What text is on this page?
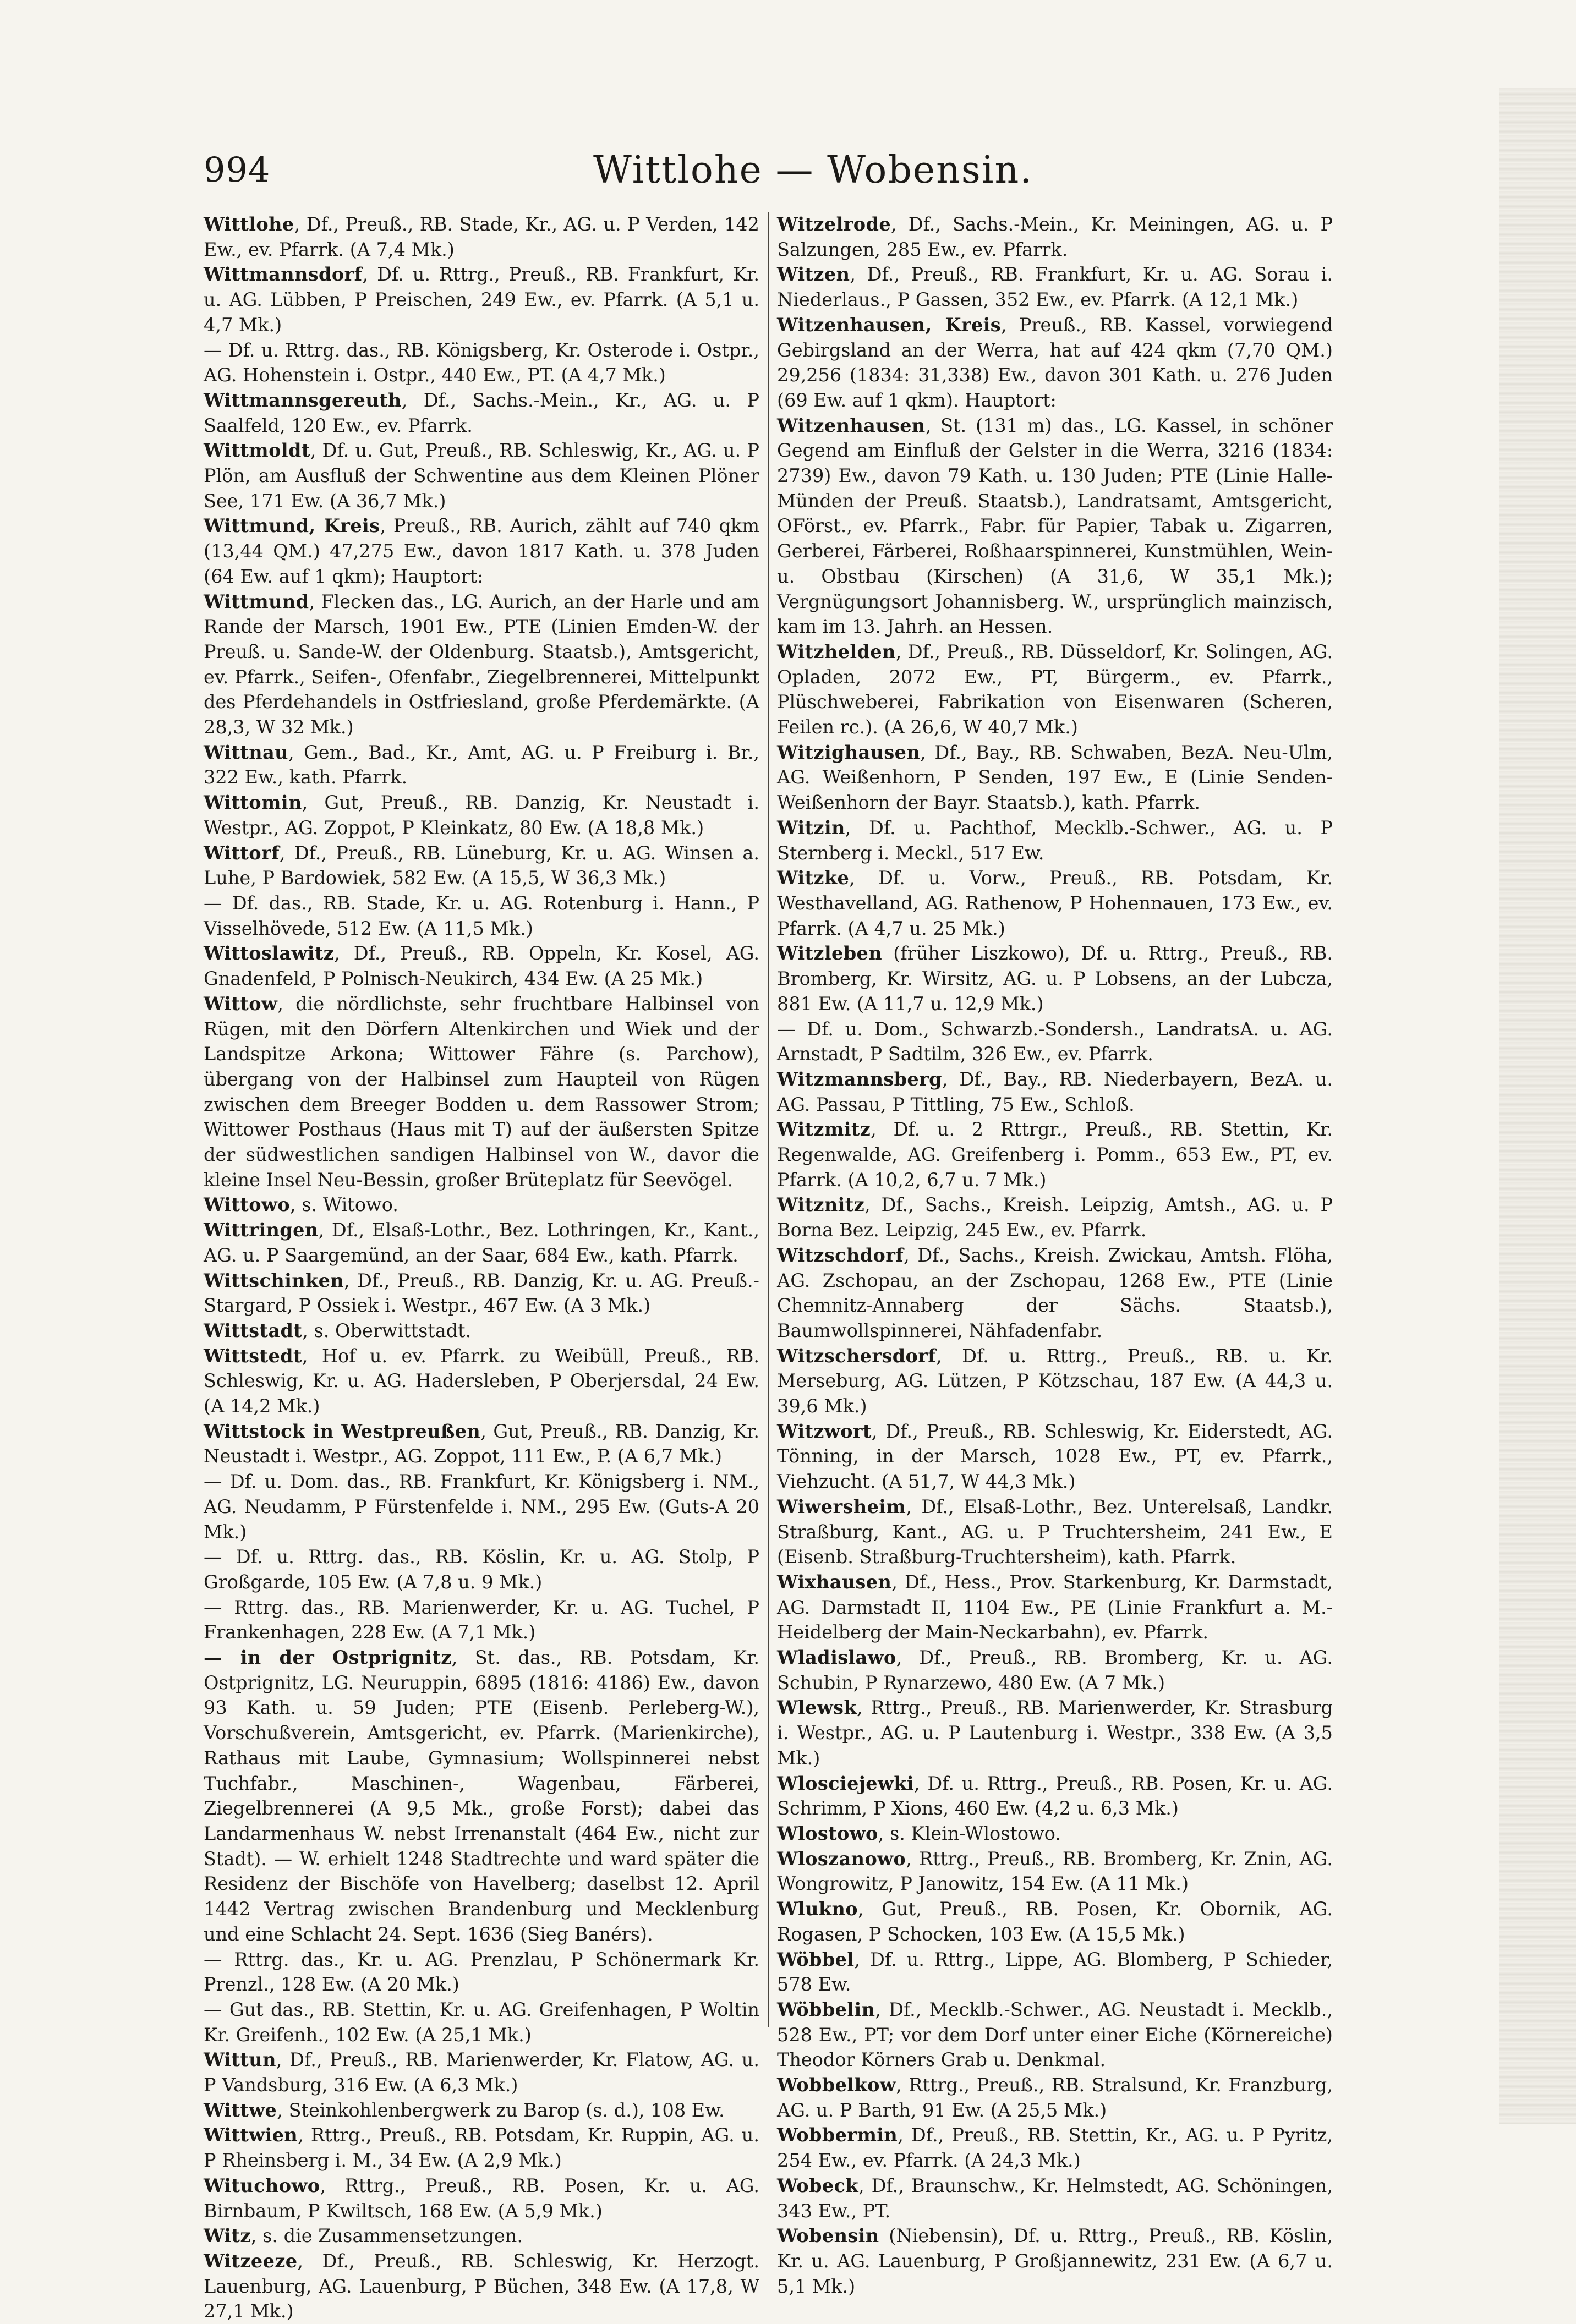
994	Wittlohe — Wobensin.

Wittlohe, Df., Preuß., RB. Stade, Kr., AG. u. P Verden, 142 Ew., ev. Pfarrk. (A 7,4 Mk.)

Wittmannsdorf, Df. u. Rttrg., Preuß., RB. Frankfurt, Kr. u. AG. Lübben, P Preischen, 249 Ew., ev. Pfarrk. (A 5,1 u. 4,7 Mk.)

— Df. u. Rttrg. das., RB. Königsberg, Kr. Osterode i. Ostpr., AG. Hohenstein i. Ostpr., 440 Ew., PT. (A 4,7 Mk.)

Wittmannsgereuth, Df., Sachs.-Mein., Kr., AG. u. P Saalfeld, 120 Ew., ev. Pfarrk.

Wittmoldt, Df. u. Gut, Preuß., RB. Schleswig, Kr., AG. u. P Plön, am Ausfluß der Schwentine aus dem Kleinen Plöner See, 171 Ew. (A 36,7 Mk.)

Wittmund, Kreis, Preuß., RB. Aurich, zählt auf 740 qkm (13,44 QM.) 47,275 Ew., davon 1817 Kath. u. 378 Juden (64 Ew. auf 1 qkm); Hauptort:

Wittmund, Flecken das., LG. Aurich, an der Harle und am Rande der Marsch, 1901 Ew., PTE (Linien Emden-W. der Preuß. u. Sande-W. der Oldenburg. Staatsb.), Amtsgericht, ev. Pfarrk., Seifen-, Ofenfabr., Ziegelbrennerei, Mittelpunkt des Pferdehandels in Ostfriesland, große Pferdemärkte. (A 28,3, W 32 Mk.)

Wittnau, Gem., Bad., Kr., Amt, AG. u. P Freiburg i. Br., 322 Ew., kath. Pfarrk.

Wittomin, Gut, Preuß., RB. Danzig, Kr. Neustadt i. Westpr., AG. Zoppot, P Kleinkatz, 80 Ew. (A 18,8 Mk.)

Wittorf, Df., Preuß., RB. Lüneburg, Kr. u. AG. Winsen a. Luhe, P Bardowiek, 582 Ew. (A 15,5, W 36,3 Mk.)

— Df. das., RB. Stade, Kr. u. AG. Rotenburg i. Hann., P Visselhövede, 512 Ew. (A 11,5 Mk.)

Wittoslawitz, Df., Preuß., RB. Oppeln, Kr. Kosel, AG. Gnadenfeld, P Polnisch-Neukirch, 434 Ew. (A 25 Mk.)

Wittow, die nördlichste, sehr fruchtbare Halbinsel von Rügen, mit den Dörfern Altenkirchen und Wiek und der Landspitze Arkona; Wittower Fähre (s. Parchow), übergang von der Halbinsel zum Haupteil von Rügen zwischen dem Breeger Bodden u. dem Rassower Strom; Wittower Posthaus (Haus mit T) auf der äußersten Spitze der südwestlichen sandigen Halbinsel von W., davor die kleine Insel Neu-Bessin, großer Brüteplatz für Seevögel.

Wittowo, s. Witowo.

Wittringen, Df., Elsaß-Lothr., Bez. Lothringen, Kr., Kant., AG. u. P Saargemünd, an der Saar, 684 Ew., kath. Pfarrk.

Wittschinken, Df., Preuß., RB. Danzig, Kr. u. AG. Preuß.-Stargard, P Ossiek i. Westpr., 467 Ew. (A 3 Mk.)

Wittstadt, s. Oberwittstadt.

Wittstedt, Hof u. ev. Pfarrk. zu Weibüll, Preuß., RB. Schleswig, Kr. u. AG. Hadersleben, P Oberjersdal, 24 Ew. (A 14,2 Mk.)

Wittstock in Westpreußen, Gut, Preuß., RB. Danzig, Kr. Neustadt i. Westpr., AG. Zoppot, 111 Ew., P. (A 6,7 Mk.)

— Df. u. Dom. das., RB. Frankfurt, Kr. Königsberg i. NM., AG. Neudamm, P Fürstenfelde i. NM., 295 Ew. (Guts-A 20 Mk.)

— Df. u. Rttrg. das., RB. Köslin, Kr. u. AG. Stolp, P Großgarde, 105 Ew. (A 7,8 u. 9 Mk.)

— Rttrg. das., RB. Marienwerder, Kr. u. AG. Tuchel, P Frankenhagen, 228 Ew. (A 7,1 Mk.)

— in der Ostprignitz, St. das., RB. Potsdam, Kr. Ostprignitz, LG. Neuruppin, 6895 (1816: 4186) Ew., davon 93 Kath. u. 59 Juden; PTE (Eisenb. Perleberg-W.), Vorschußverein, Amtsgericht, ev. Pfarrk. (Marienkirche), Rathaus mit Laube, Gymnasium; Wollspinnerei nebst Tuchfabr., Maschinen-, Wagenbau, Färberei, Ziegelbrennerei (A 9,5 Mk., große Forst); dabei das Landarmenhaus W. nebst Irrenanstalt (464 Ew., nicht zur Stadt). — W. erhielt 1248 Stadtrechte und ward später die Residenz der Bischöfe von Havelberg; daselbst 12. April 1442 Vertrag zwischen Brandenburg und Mecklenburg und eine Schlacht 24. Sept. 1636 (Sieg Banérs).

— Rttrg. das., Kr. u. AG. Prenzlau, P Schönermark Kr. Prenzl., 128 Ew. (A 20 Mk.)

— Gut das., RB. Stettin, Kr. u. AG. Greifenhagen, P Woltin Kr. Greifenh., 102 Ew. (A 25,1 Mk.)

Wittun, Df., Preuß., RB. Marienwerder, Kr. Flatow, AG. u. P Vandsburg, 316 Ew. (A 6,3 Mk.)

Wittwe, Steinkohlenbergwerk zu Barop (s. d.), 108 Ew.

Wittwien, Rttrg., Preuß., RB. Potsdam, Kr. Ruppin, AG. u. P Rheinsberg i. M., 34 Ew. (A 2,9 Mk.)

Wituchowo, Rttrg., Preuß., RB. Posen, Kr. u. AG. Birnbaum, P Kwiltsch, 168 Ew. (A 5,9 Mk.)

Witz, s. die Zusammensetzungen.

Witzeeze, Df., Preuß., RB. Schleswig, Kr. Herzogt. Lauenburg, AG. Lauenburg, P Büchen, 348 Ew. (A 17,8, W 27,1 Mk.)

Witzelrode, Df., Sachs.-Mein., Kr. Meiningen, AG. u. P Salzungen, 285 Ew., ev. Pfarrk.

Witzen, Df., Preuß., RB. Frankfurt, Kr. u. AG. Sorau i. Niederlaus., P Gassen, 352 Ew., ev. Pfarrk. (A 12,1 Mk.)

Witzenhausen, Kreis, Preuß., RB. Kassel, vorwiegend Gebirgsland an der Werra, hat auf 424 qkm (7,70 QM.) 29,256 (1834: 31,338) Ew., davon 301 Kath. u. 276 Juden (69 Ew. auf 1 qkm). Hauptort:

Witzenhausen, St. (131 m) das., LG. Kassel, in schöner Gegend am Einfluß der Gelster in die Werra, 3216 (1834: 2739) Ew., davon 79 Kath. u. 130 Juden; PTE (Linie Halle-Münden der Preuß. Staatsb.), Landratsamt, Amtsgericht, OFörst., ev. Pfarrk., Fabr. für Papier, Tabak u. Zigarren, Gerberei, Färberei, Roßhaarspinnerei, Kunstmühlen, Wein- u. Obstbau (Kirschen) (A 31,6, W 35,1 Mk.); Vergnügungsort Johannisberg. W., ursprünglich mainzisch, kam im 13. Jahrh. an Hessen.

Witzhelden, Df., Preuß., RB. Düsseldorf, Kr. Solingen, AG. Opladen, 2072 Ew., PT, Bürgerm., ev. Pfarrk., Plüschweberei, Fabrikation von Eisenwaren (Scheren, Feilen rc.). (A 26,6, W 40,7 Mk.)

Witzighausen, Df., Bay., RB. Schwaben, BezA. Neu-Ulm, AG. Weißenhorn, P Senden, 197 Ew., E (Linie Senden-Weißenhorn der Bayr. Staatsb.), kath. Pfarrk.

Witzin, Df. u. Pachthof, Mecklb.-Schwer., AG. u. P Sternberg i. Meckl., 517 Ew.

Witzke, Df. u. Vorw., Preuß., RB. Potsdam, Kr. Westhavelland, AG. Rathenow, P Hohennauen, 173 Ew., ev. Pfarrk. (A 4,7 u. 25 Mk.)

Witzleben (früher Liszkowo), Df. u. Rttrg., Preuß., RB. Bromberg, Kr. Wirsitz, AG. u. P Lobsens, an der Lubcza, 881 Ew. (A 11,7 u. 12,9 Mk.)

— Df. u. Dom., Schwarzb.-Sondersh., LandratsA. u. AG. Arnstadt, P Sadtilm, 326 Ew., ev. Pfarrk.

Witzmannsberg, Df., Bay., RB. Niederbayern, BezA. u. AG. Passau, P Tittling, 75 Ew., Schloß.

Witzmitz, Df. u. 2 Rttrgr., Preuß., RB. Stettin, Kr. Regenwalde, AG. Greifenberg i. Pomm., 653 Ew., PT, ev. Pfarrk. (A 10,2, 6,7 u. 7 Mk.)

Witznitz, Df., Sachs., Kreish. Leipzig, Amtsh., AG. u. P Borna Bez. Leipzig, 245 Ew., ev. Pfarrk.

Witzschdorf, Df., Sachs., Kreish. Zwickau, Amtsh. Flöha, AG. Zschopau, an der Zschopau, 1268 Ew., PTE (Linie Chemnitz-Annaberg der Sächs. Staatsb.), Baumwollspinnerei, Nähfadenfabr.

Witzschersdorf, Df. u. Rttrg., Preuß., RB. u. Kr. Merseburg, AG. Lützen, P Kötzschau, 187 Ew. (A 44,3 u. 39,6 Mk.)

Witzwort, Df., Preuß., RB. Schleswig, Kr. Eiderstedt, AG. Tönning, in der Marsch, 1028 Ew., PT, ev. Pfarrk., Viehzucht. (A 51,7, W 44,3 Mk.)

Wiwersheim, Df., Elsaß-Lothr., Bez. Unterelsaß, Landkr. Straßburg, Kant., AG. u. P Truchtersheim, 241 Ew., E (Eisenb. Straßburg-Truchtersheim), kath. Pfarrk.

Wixhausen, Df., Hess., Prov. Starkenburg, Kr. Darmstadt, AG. Darmstadt II, 1104 Ew., PE (Linie Frankfurt a. M.-Heidelberg der Main-Neckarbahn), ev. Pfarrk.

Wladislawo, Df., Preuß., RB. Bromberg, Kr. u. AG. Schubin, P Rynarzewo, 480 Ew. (A 7 Mk.)

Wlewsk, Rttrg., Preuß., RB. Marienwerder, Kr. Strasburg i. Westpr., AG. u. P Lautenburg i. Westpr., 338 Ew. (A 3,5 Mk.)

Wlosciejewki, Df. u. Rttrg., Preuß., RB. Posen, Kr. u. AG. Schrimm, P Xions, 460 Ew. (4,2 u. 6,3 Mk.)

Wlostowo, s. Klein-Wlostowo.

Wloszanowo, Rttrg., Preuß., RB. Bromberg, Kr. Znin, AG. Wongrowitz, P Janowitz, 154 Ew. (A 11 Mk.)

Wlukno, Gut, Preuß., RB. Posen, Kr. Obornik, AG. Rogasen, P Schocken, 103 Ew. (A 15,5 Mk.)

Wöbbel, Df. u. Rttrg., Lippe, AG. Blomberg, P Schieder, 578 Ew.

Wöbbelin, Df., Mecklb.-Schwer., AG. Neustadt i. Mecklb., 528 Ew., PT; vor dem Dorf unter einer Eiche (Körnereiche) Theodor Körners Grab u. Denkmal.

Wobbelkow, Rttrg., Preuß., RB. Stralsund, Kr. Franzburg, AG. u. P Barth, 91 Ew. (A 25,5 Mk.)

Wobbermin, Df., Preuß., RB. Stettin, Kr., AG. u. P Pyritz, 254 Ew., ev. Pfarrk. (A 24,3 Mk.)

Wobeck, Df., Braunschw., Kr. Helmstedt, AG. Schöningen, 343 Ew., PT.

Wobensin (Niebensin), Df. u. Rttrg., Preuß., RB. Köslin, Kr. u. AG. Lauenburg, P Großjannewitz, 231 Ew. (A 6,7 u. 5,1 Mk.)
